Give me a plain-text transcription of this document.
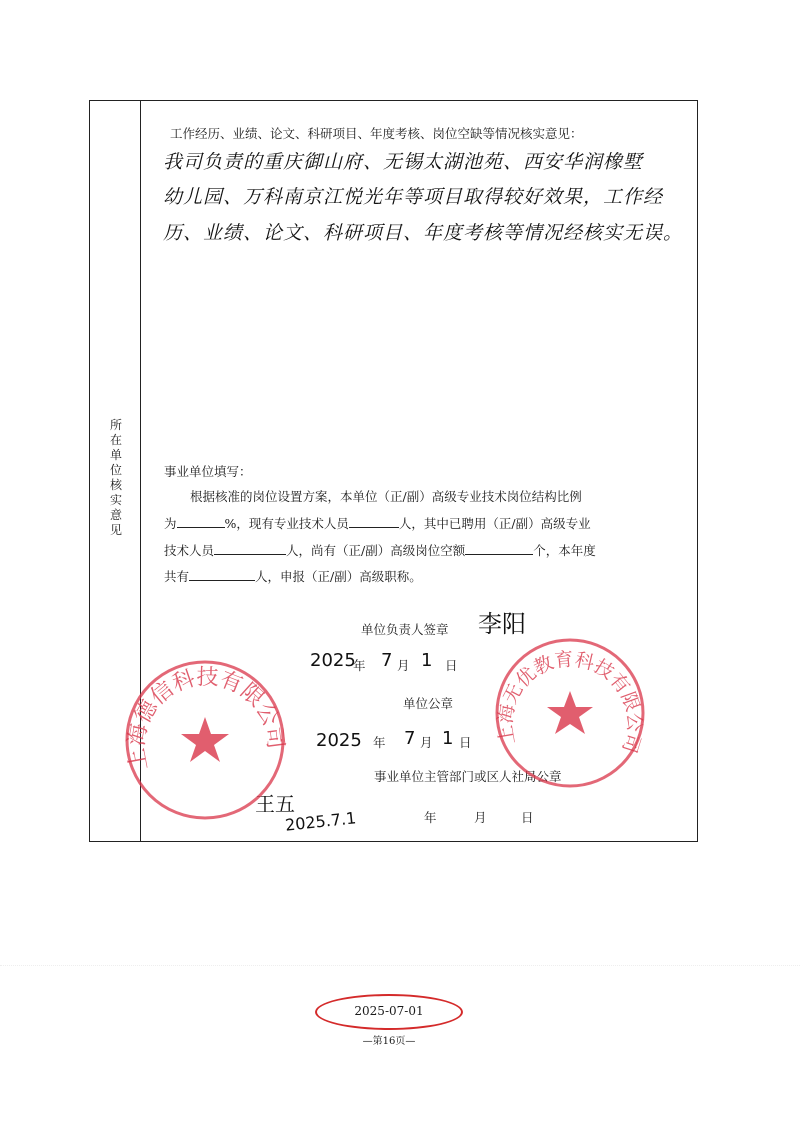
所在单位核实意见
工作经历、业绩、论文、科研项目、年度考核、岗位空缺等情况核实意见：
我司负责的重庆御山府、无锡太湖池苑、西安华润橡墅
幼儿园、万科南京江悦光年等项目取得较好效果，工作经
历、业绩、论文、科研项目、年度考核等情况经核实无误。
事业单位填写：
根据核准的岗位设置方案，本单位（正/副）高级专业技术岗位结构比例
为	%，现有专业技术人员	人，其中已聘用（正/副）高级专业
技术人员	人，尚有（正/副）高级岗位空额	个，本年度
共有	人，申报（正/副）高级职称。
单位负责人签章 李阳
2025
年 7 月 1 日
单位公章
2025 年 7 月 1 日
事业单位主管部门或区人社局公章
王五
2025.7.1	年	月	日
上海德信科技有限公司	上海无优教育科技有限公司
2025-07-01
—第16页—
